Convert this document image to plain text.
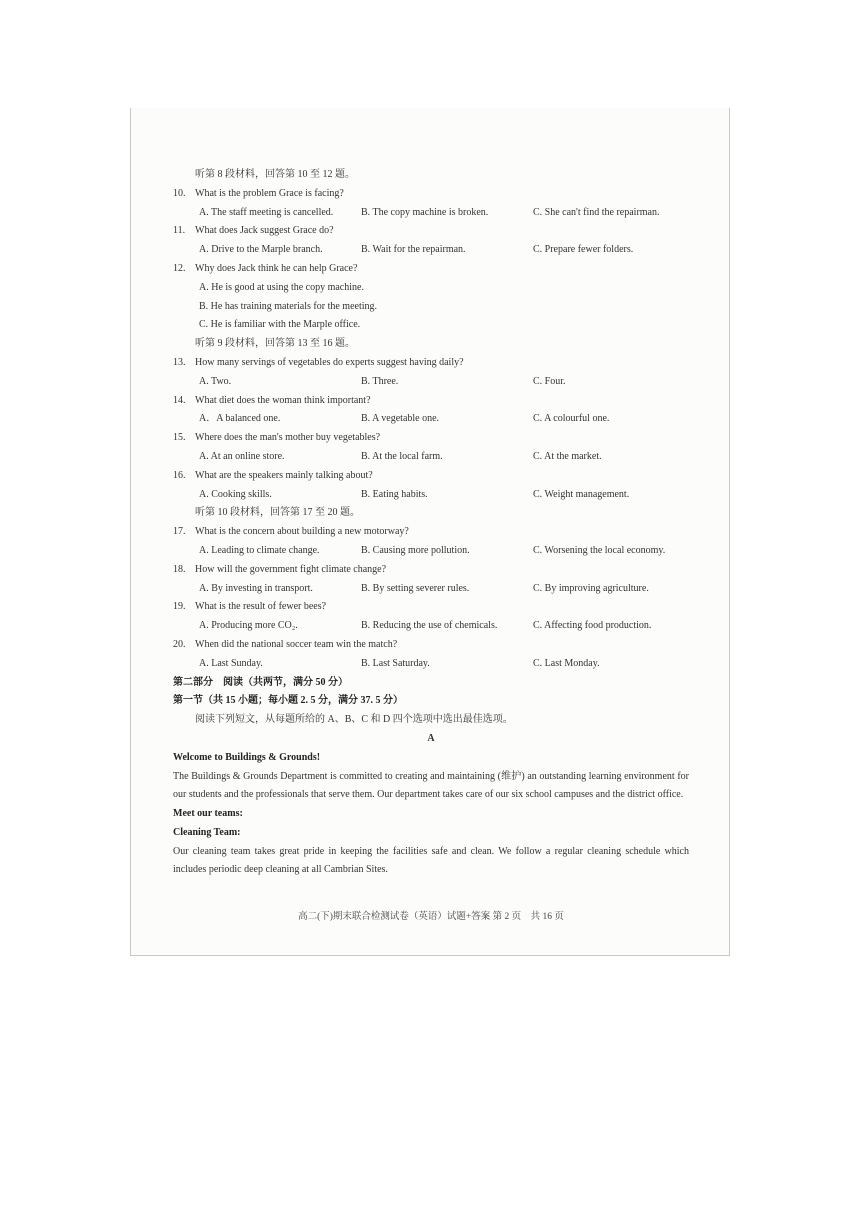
听第 8 段材料，回答第 10 至 12 题。
10. What is the problem Grace is facing?
A. The staff meeting is cancelled.	B. The copy machine is broken.	C. She can't find the repairman.
11. What does Jack suggest Grace do?
A. Drive to the Marple branch.	B. Wait for the repairman.	C. Prepare fewer folders.
12. Why does Jack think he can help Grace?
A. He is good at using the copy machine.
B. He has training materials for the meeting.
C. He is familiar with the Marple office.
听第 9 段材料，回答第 13 至 16 题。
13. How many servings of vegetables do experts suggest having daily?
A. Two.	B. Three.	C. Four.
14. What diet does the woman think important?
A．A balanced one.	B. A vegetable one.	C. A colourful one.
15. Where does the man's mother buy vegetables?
A. At an online store.	B. At the local farm.	C. At the market.
16. What are the speakers mainly talking about?
A. Cooking skills.	B. Eating habits.	C. Weight management.
听第 10 段材料，回答第 17 至 20 题。
17. What is the concern about building a new motorway?
A. Leading to climate change.	B. Causing more pollution.	C. Worsening the local economy.
18. How will the government fight climate change?
A. By investing in transport.	B. By setting severer rules.	C. By improving agriculture.
19. What is the result of fewer bees?
A. Producing more CO₂.	B. Reducing the use of chemicals.	C. Affecting food production.
20. When did the national soccer team win the match?
A. Last Sunday.	B. Last Saturday.	C. Last Monday.
第二部分　阅读（共两节，满分 50 分）
第一节（共 15 小题；每小题 2. 5 分，满分 37. 5 分）
阅读下列短文，从每题所给的 A、B、C 和 D 四个选项中选出最佳选项。
A
Welcome to Buildings & Grounds!
The Buildings & Grounds Department is committed to creating and maintaining (维护) an outstanding learning environment for our students and the professionals that serve them. Our department takes care of our six school campuses and the district office.
Meet our teams:
Cleaning Team:
Our cleaning team takes great pride in keeping the facilities safe and clean. We follow a regular cleaning schedule which includes periodic deep cleaning at all Cambrian Sites.
高二(下)期末联合检测试卷（英语）试题+答案 第 2 页　共 16 页
